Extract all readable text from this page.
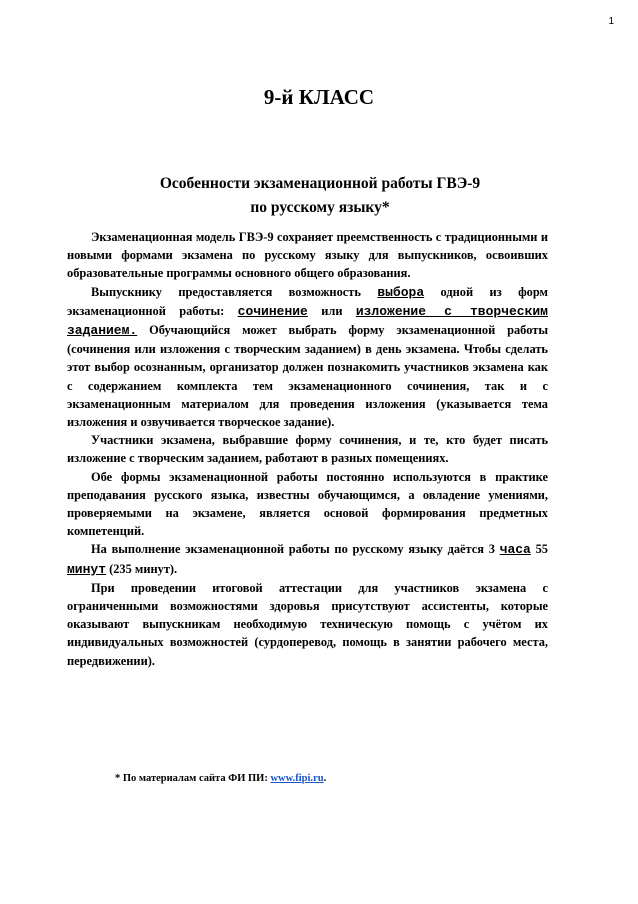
1
9-й КЛАСС
Особенности экзаменационной работы ГВЭ-9
по русскому языку*

Экзаменационная модель ГВЭ-9 сохраняет преемственность с традиционными и новыми формами экзамена по русскому языку для выпускников, освоивших образовательные программы основного общего образования.

Выпускнику предоставляется возможность выбора одной из форм экзаменационной работы: сочинение или изложение с творческим заданием. Обучающийся может выбрать форму экзаменационной работы (сочинения или изложения с творческим заданием) в день экзамена. Чтобы сделать этот выбор осознанным, организатор должен познакомить участников экзамена как с содержанием комплекта тем экзаменационного сочинения, так и с экзаменационным материалом для проведения изложения (указывается тема изложения и озвучивается творческое задание).

Участники экзамена, выбравшие форму сочинения, и те, кто будет писать изложение с творческим заданием, работают в разных помещениях.

Обе формы экзаменационной работы постоянно используются в практике преподавания русского языка, известны обучающимся, а овладение умениями, проверяемыми на экзамене, является основой формирования предметных компетенций.

На выполнение экзаменационной работы по русскому языку даётся 3 часа 55 минут (235 минут).

При проведении итоговой аттестации для участников экзамена с ограниченными возможностями здоровья присутствуют ассистенты, которые оказывают выпускникам необходимую техническую помощь с учётом их индивидуальных возможностей (сурдоперевод, помощь в занятии рабочего места, передвижении).

* По материалам сайта ФИ ПИ: www.fipi.ru.
